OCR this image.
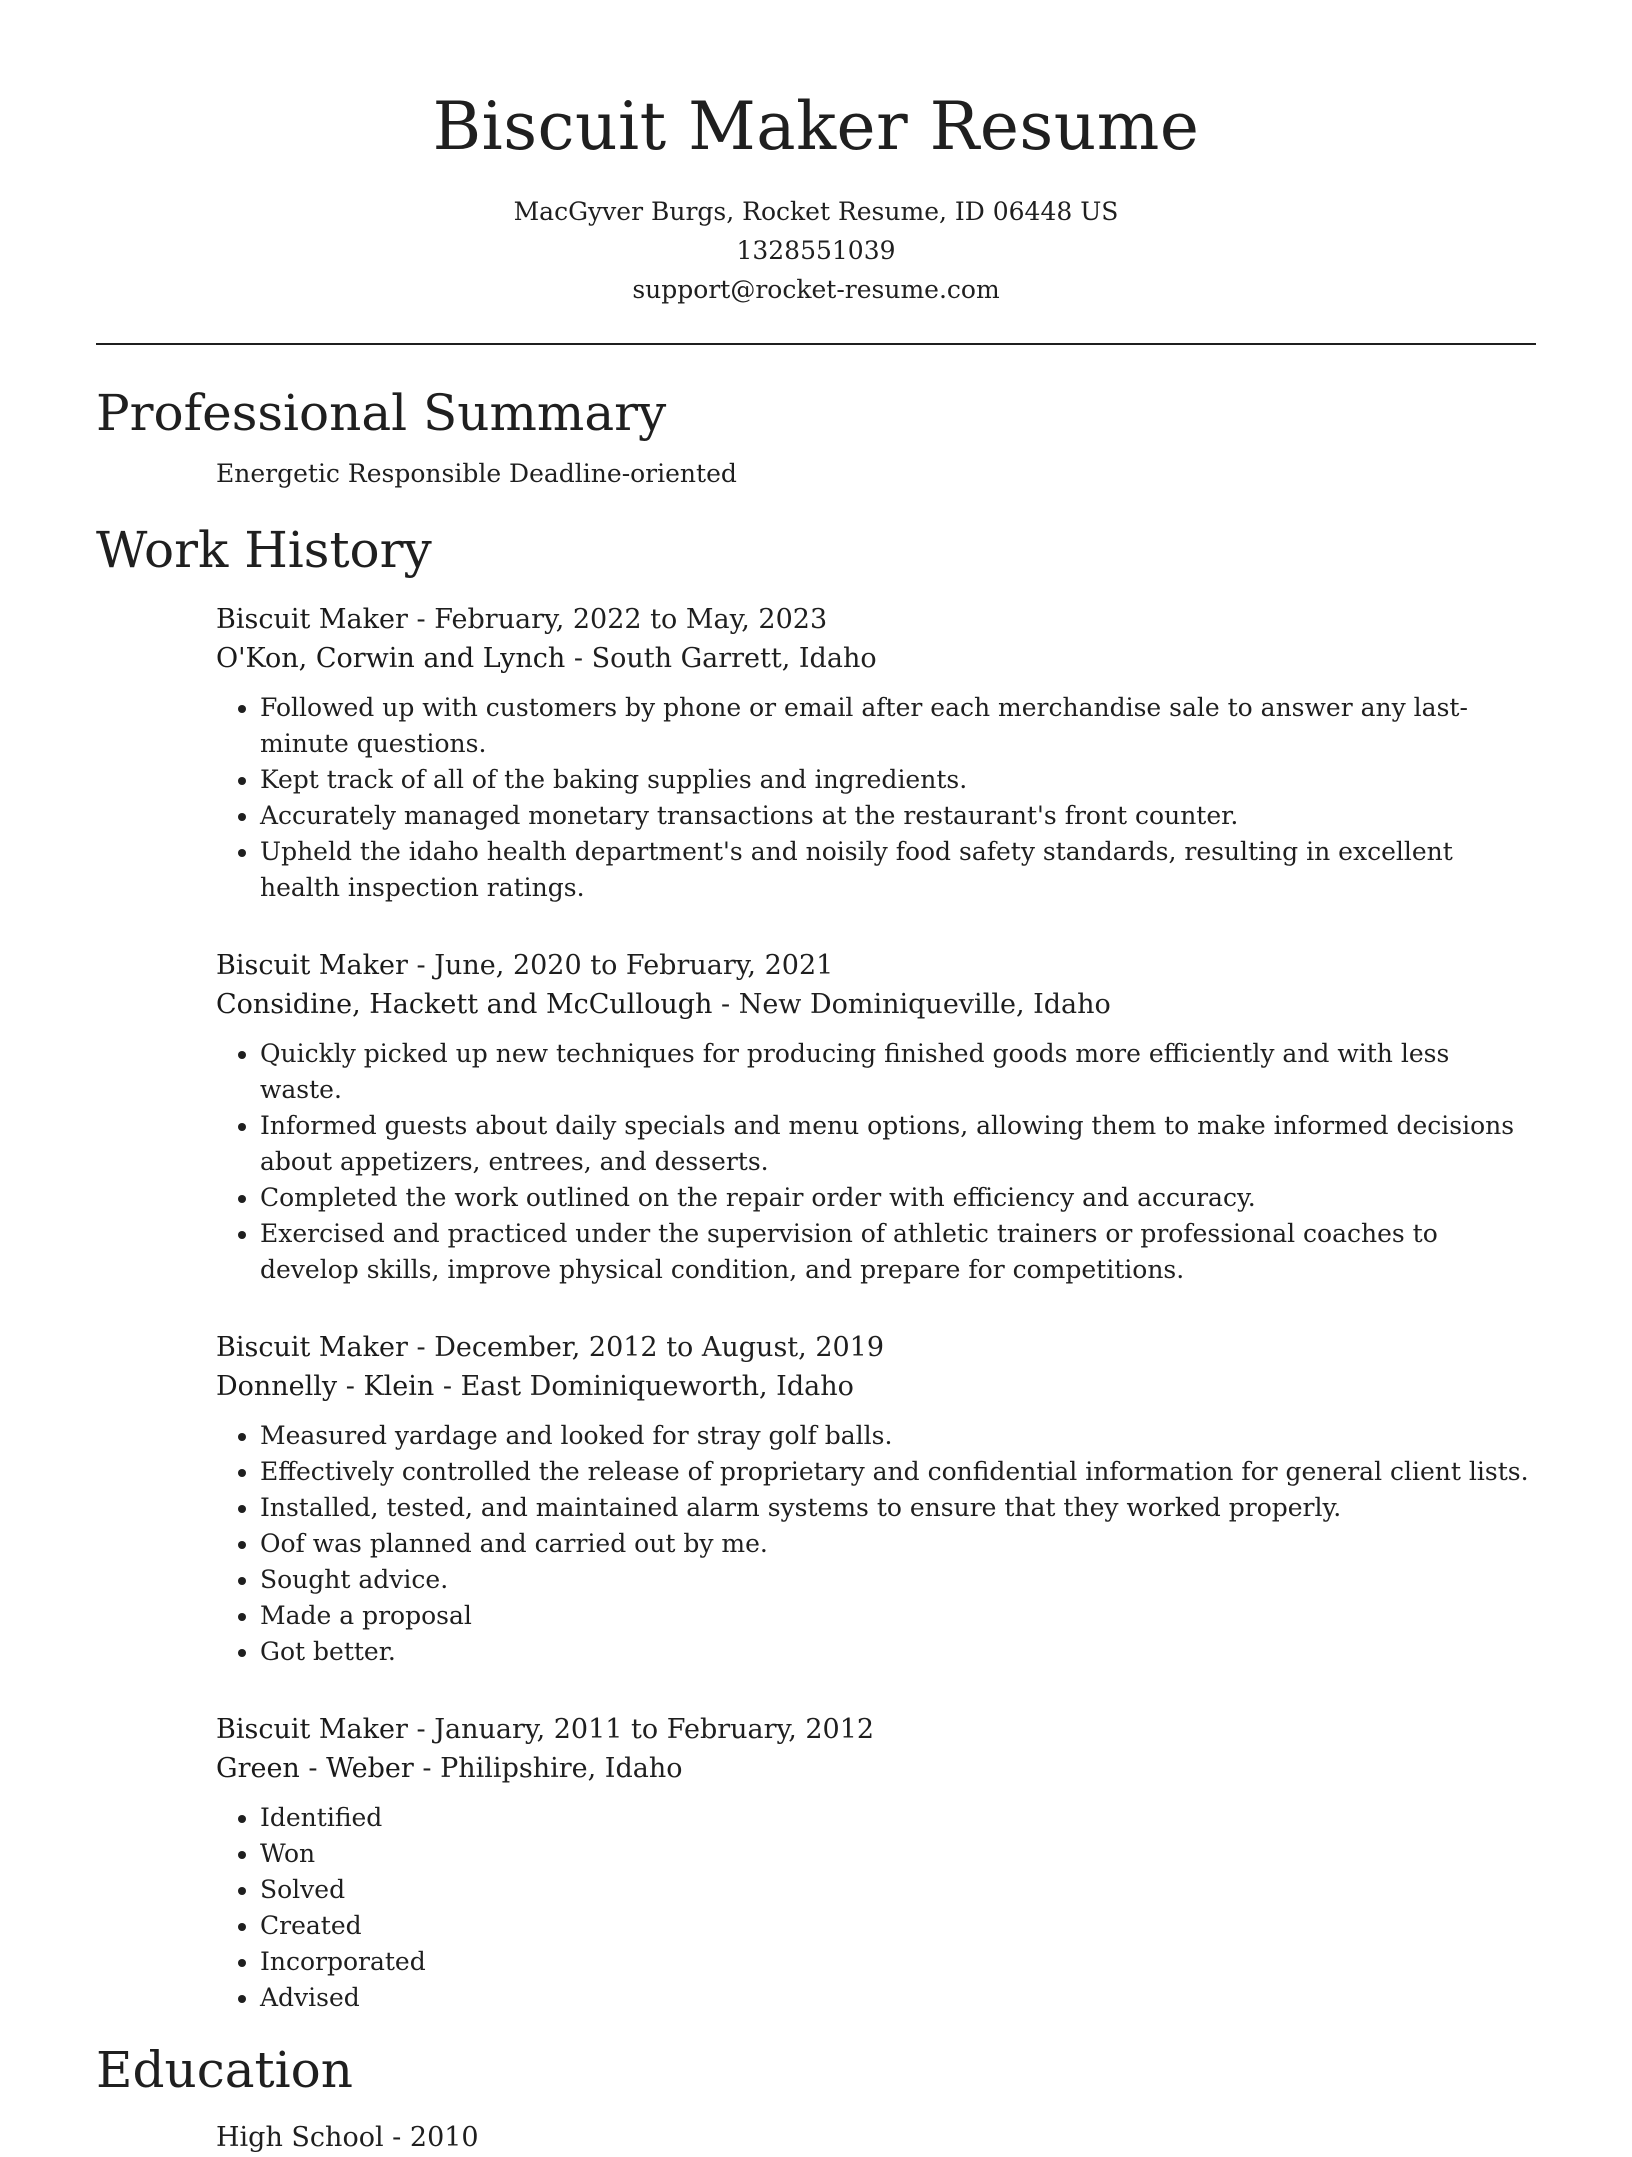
Biscuit Maker Resume
MacGyver Burgs, Rocket Resume, ID 06448 US
1328551039
support@rocket-resume.com
Professional Summary
Energetic Responsible Deadline-oriented
Work History
Biscuit Maker - February, 2022 to May, 2023
O'Kon, Corwin and Lynch - South Garrett, Idaho
• Followed up with customers by phone or email after each merchandise sale to answer any last-minute questions.
• Kept track of all of the baking supplies and ingredients.
• Accurately managed monetary transactions at the restaurant's front counter.
• Upheld the idaho health department's and noisily food safety standards, resulting in excellent health inspection ratings.
Biscuit Maker - June, 2020 to February, 2021
Considine, Hackett and McCullough - New Dominiqueville, Idaho
• Quickly picked up new techniques for producing finished goods more efficiently and with less waste.
• Informed guests about daily specials and menu options, allowing them to make informed decisions about appetizers, entrees, and desserts.
• Completed the work outlined on the repair order with efficiency and accuracy.
• Exercised and practiced under the supervision of athletic trainers or professional coaches to develop skills, improve physical condition, and prepare for competitions.
Biscuit Maker - December, 2012 to August, 2019
Donnelly - Klein - East Dominiqueworth, Idaho
• Measured yardage and looked for stray golf balls.
• Effectively controlled the release of proprietary and confidential information for general client lists.
• Installed, tested, and maintained alarm systems to ensure that they worked properly.
• Oof was planned and carried out by me.
• Sought advice.
• Made a proposal
• Got better.
Biscuit Maker - January, 2011 to February, 2012
Green - Weber - Philipshire, Idaho
• Identified
• Won
• Solved
• Created
• Incorporated
• Advised
Education
High School - 2010
